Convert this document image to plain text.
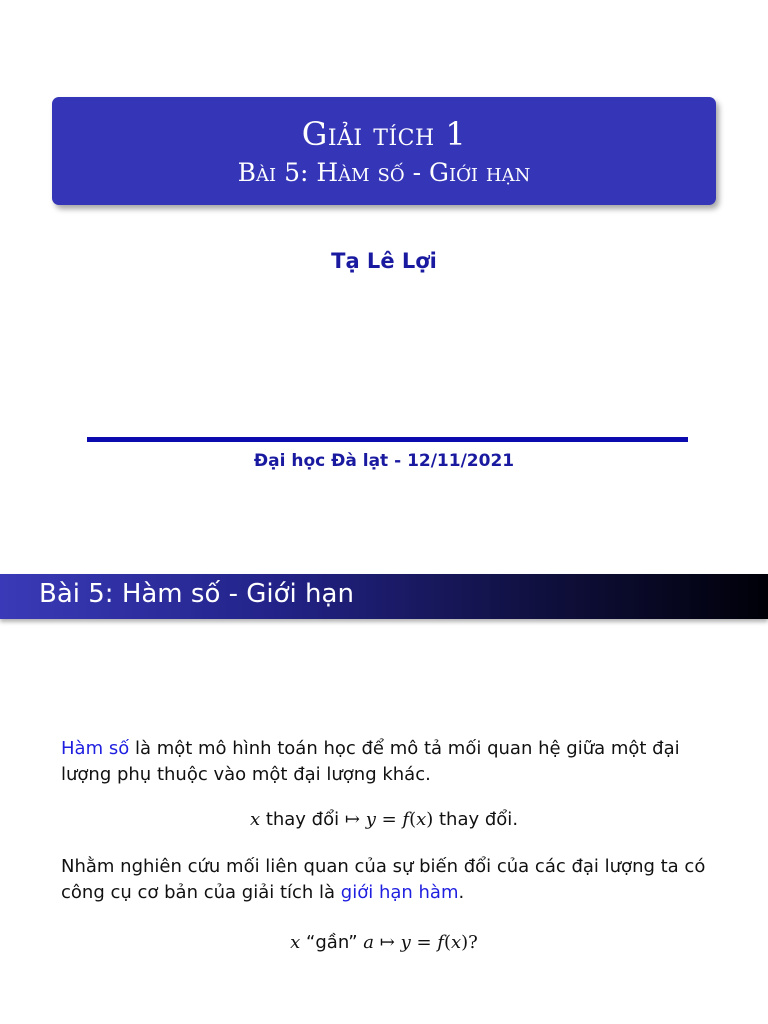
Giải tích 1
Bài 5: Hàm số - Giới hạn
Tạ Lê Lợi
Đại học Đà lạt - 12/11/2021
Bài 5: Hàm số - Giới hạn
Hàm số là một mô hình toán học để mô tả mối quan hệ giữa một đại lượng phụ thuộc vào một đại lượng khác.
x thay đổi ↦ y = f(x) thay đổi.
Nhằm nghiên cứu mối liên quan của sự biến đổi của các đại lượng ta có công cụ cơ bản của giải tích là giới hạn hàm.
x “gần” a ↦ y = f(x)?
